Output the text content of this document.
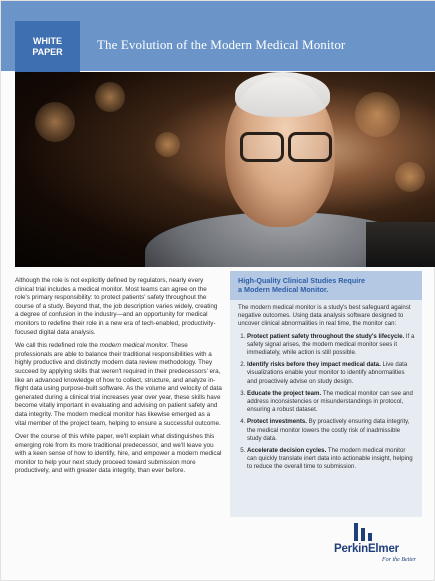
WHITE
PAPER	The Evolution of the Modern Medical Monitor

Although the role is not explicitly defined by regulators, nearly every clinical trial includes a medical monitor. Most teams can agree on the role's primary responsibility: to protect patients' safety throughout the course of a study. Beyond that, the job description varies widely, creating a degree of confusion in the industry—and an opportunity for medical monitors to redefine their role in a new era of tech-enabled, productivity-focused digital data analysis.

We call this redefined role the modern medical monitor. These professionals are able to balance their traditional responsibilities with a highly productive and distinctly modern data review methodology. They succeed by applying skills that weren't required in their predecessors' era, like an advanced knowledge of how to collect, structure, and analyze in-flight data using purpose-built software. As the volume and velocity of data generated during a clinical trial increases year over year, these skills have become vitally important in evaluating and advising on patient safety and data integrity. The modern medical monitor has likewise emerged as a vital member of the project team, helping to ensure a successful outcome.

Over the course of this white paper, we'll explain what distinguishes this emerging role from its more traditional predecessor, and we'll leave you with a keen sense of how to identify, hire, and empower a modern medical monitor to help your next study proceed toward submission more productively, and with greater data integrity, than ever before.

High-Quality Clinical Studies Require
a Modern Medical Monitor.

The modern medical monitor is a study's best safeguard against negative outcomes. Using data analysis software designed to uncover clinical abnormalities in real time, the monitor can:

1. Protect patient safety throughout the study's lifecycle. If a safety signal arises, the modern medical monitor sees it immediately, while action is still possible.
2. Identify risks before they impact medical data. Live data visualizations enable your monitor to identify abnormalities and proactively advise on study design.
3. Educate the project team. The medical monitor can see and address inconsistencies or misunderstandings in protocol, ensuring a robust dataset.
4. Protect investments. By proactively ensuring data integrity, the medical monitor lowers the costly risk of inadmissible study data.
5. Accelerate decision cycles. The modern medical monitor can quickly translate inert data into actionable insight, helping to reduce the overall time to submission.
PerkinElmer
For the Better
